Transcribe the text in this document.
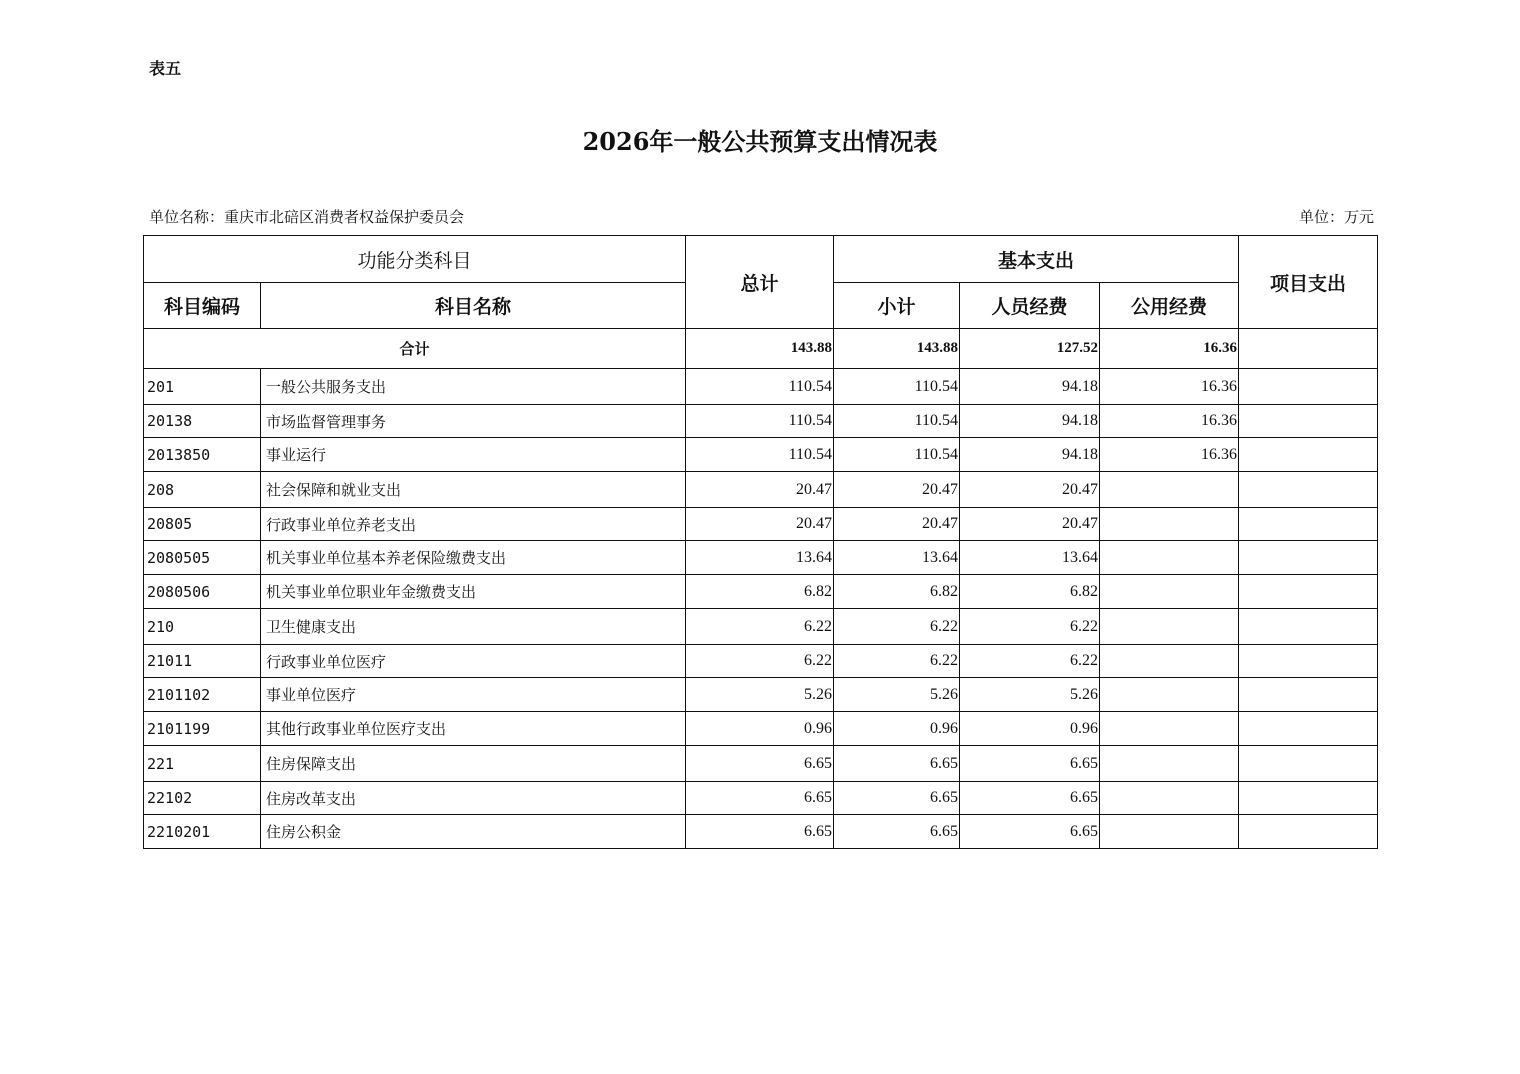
表五
2026年一般公共预算支出情况表
单位名称：重庆市北碚区消费者权益保护委员会	单位：万元
功能分类科目		总计	基本支出			项目支出
科目编码	科目名称		小计	人员经费	公用经费	
合计		143.88	143.88	127.52	16.36	
201	一般公共服务支出	110.54	110.54	94.18	16.36	
20138	市场监督管理事务	110.54	110.54	94.18	16.36	
2013850	事业运行	110.54	110.54	94.18	16.36	
208	社会保障和就业支出	20.47	20.47	20.47		
20805	行政事业单位养老支出	20.47	20.47	20.47		
2080505	机关事业单位基本养老保险缴费支出	13.64	13.64	13.64		
2080506	机关事业单位职业年金缴费支出	6.82	6.82	6.82		
210	卫生健康支出	6.22	6.22	6.22		
21011	行政事业单位医疗	6.22	6.22	6.22		
2101102	事业单位医疗	5.26	5.26	5.26		
2101199	其他行政事业单位医疗支出	0.96	0.96	0.96		
221	住房保障支出	6.65	6.65	6.65		
22102	住房改革支出	6.65	6.65	6.65		
2210201	住房公积金	6.65	6.65	6.65		
